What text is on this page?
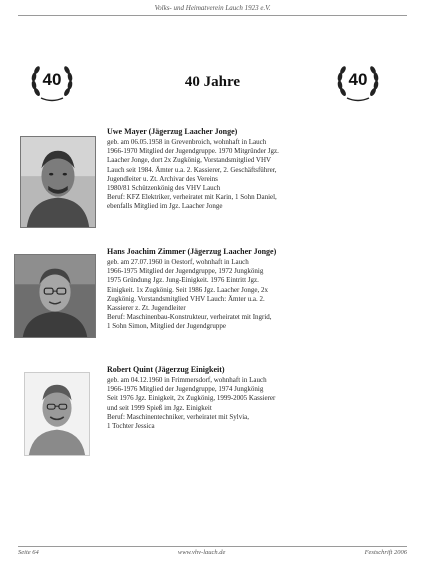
Volks- und Heimatverein Lauch 1923 e.V.
40	40 Jahre	40
Uwe Mayer (Jägerzug Laacher Jonge)

geb. am 06.05.1958 in Grevenbroich, wohnhaft in Lauch

1966-1970 Mitglied der Jugendgruppe. 1970 Mitgründer Jgz.

Laacher Jonge, dort 2x Zugkönig, Vorstandsmitglied VHV

Lauch seit 1984. Ämter u.a. 2. Kassierer, 2. Geschäftsführer,

Jugendleiter u. Zt. Archivar des Vereins

1980/81 Schützenkönig des VHV Lauch

Beruf: KFZ Elektriker, verheiratet mit Karin, 1 Sohn Daniel,

ebenfalls Mitglied im Jgz. Laacher Jonge

Hans Joachim Zimmer (Jägerzug Laacher Jonge)

geb. am 27.07.1960 in Oestorf, wohnhaft in Lauch

1966-1975 Mitglied der Jugendgruppe, 1972 Jungkönig

1975 Gründung Jgz. Jung-Einigkeit. 1976 Eintritt Jgz.

Einigkeit. 1x Zugkönig. Seit 1986 Jgz. Laacher Jonge, 2x

Zugkönig. Vorstandsmitglied VHV Lauch: Ämter u.a. 2.

Kassierer z. Zt. Jugendleiter

Beruf: Maschinenbau-Konstrukteur, verheiratet mit Ingrid,

1 Sohn Simon, Mitglied der Jugendgruppe

Robert Quint (Jägerzug Einigkeit)

geb. am 04.12.1960 in Frimmersdorf, wohnhaft in Lauch

1966-1976 Mitglied der Jugendgruppe, 1974 Jungkönig

Seit 1976 Jgz. Einigkeit, 2x Zugkönig, 1999-2005 Kassierer

und seit 1999 Spieß im Jgz. Einigkeit

Beruf: Maschinentechniker, verheiratet mit Sylvia,

1 Tochter Jessica

Seite 64	www.vhv-lauch.de	Festschrift 2006
